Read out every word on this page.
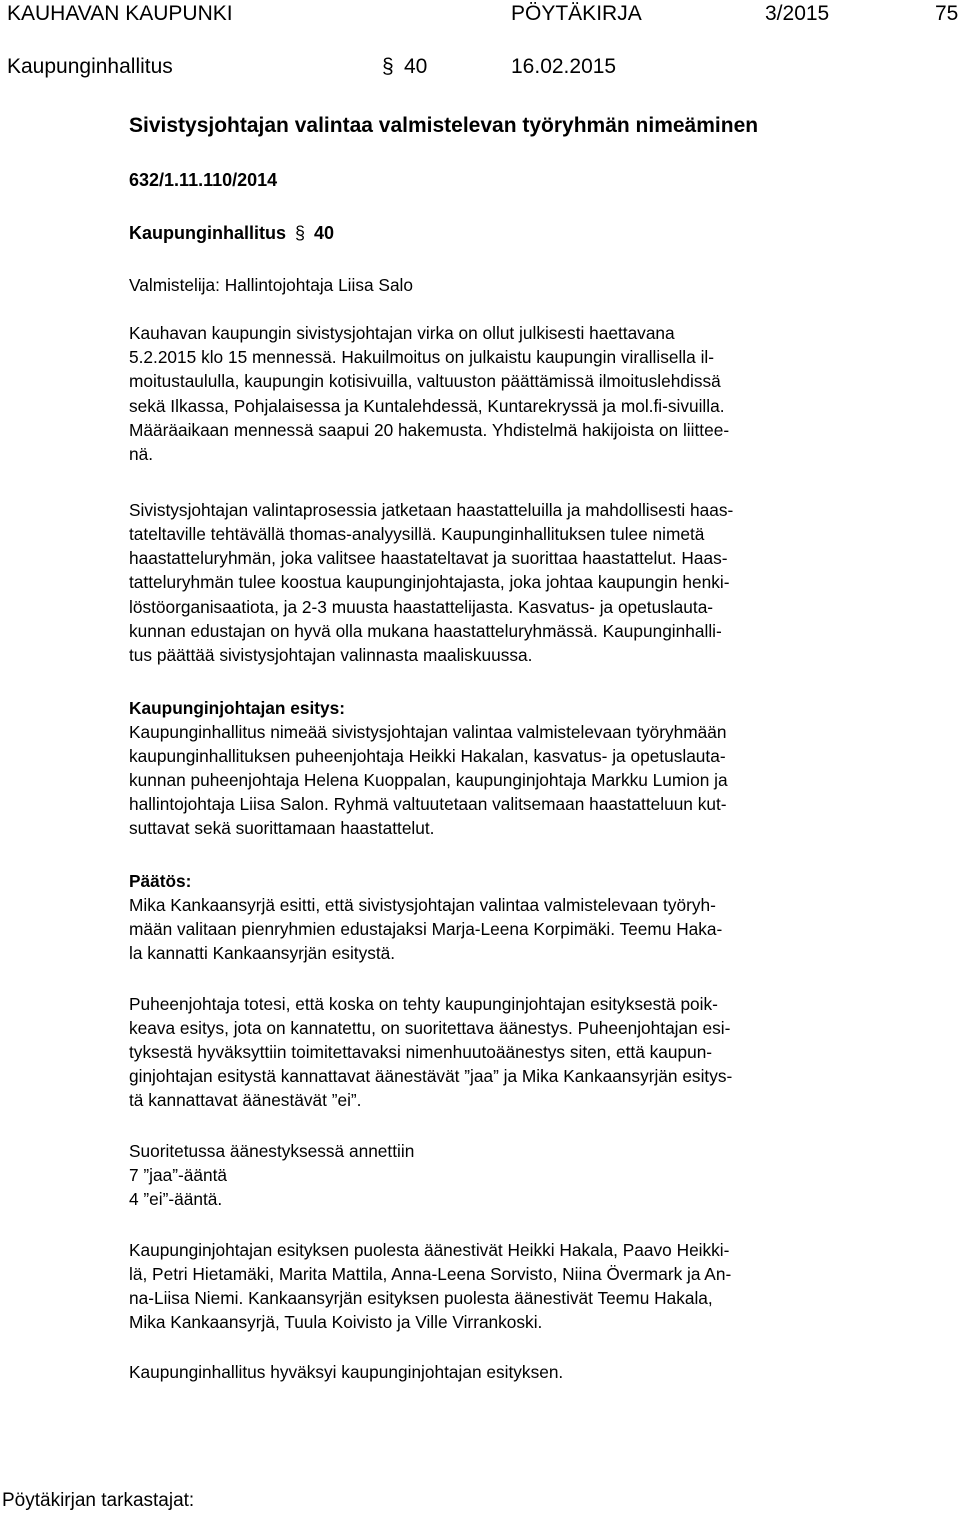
KAUHAVAN KAUPUNKI	PÖYTÄKIRJA	3/2015	75
Kaupunginhallitus	§ 40	16.02.2015
Sivistysjohtajan valintaa valmistelevan työryhmän nimeäminen
632/1.11.110/2014
Kaupunginhallitus § 40
Valmistelija: Hallintojohtaja Liisa Salo
Kauhavan kaupungin sivistysjohtajan virka on ollut julkisesti haettavana
5.2.2015 klo 15 mennessä. Hakuilmoitus on julkaistu kaupungin virallisella il-
moitustaululla, kaupungin kotisivuilla, valtuuston päättämissä ilmoituslehdissä
sekä Ilkassa, Pohjalaisessa ja Kuntalehdessä, Kuntarekryssä ja mol.fi-sivuilla.
Määräaikaan mennessä saapui 20 hakemusta. Yhdistelmä hakijoista on liittee-
nä.
Sivistysjohtajan valintaprosessia jatketaan haastatteluilla ja mahdollisesti haas-
tateltaville tehtävällä thomas-analyysillä. Kaupunginhallituksen tulee nimetä
haastatteluryhmän, joka valitsee haastateltavat ja suorittaa haastattelut. Haas-
tatteluryhmän tulee koostua kaupunginjohtajasta, joka johtaa kaupungin henki-
löstöorganisaatiota, ja 2-3 muusta haastattelijasta. Kasvatus- ja opetuslauta-
kunnan edustajan on hyvä olla mukana haastatteluryhmässä. Kaupunginhalli-
tus päättää sivistysjohtajan valinnasta maaliskuussa.
Kaupunginjohtajan esitys:
Kaupunginhallitus nimeää sivistysjohtajan valintaa valmistelevaan työryhmään
kaupunginhallituksen puheenjohtaja Heikki Hakalan, kasvatus- ja opetuslauta-
kunnan puheenjohtaja Helena Kuoppalan, kaupunginjohtaja Markku Lumion ja
hallintojohtaja Liisa Salon. Ryhmä valtuutetaan valitsemaan haastatteluun kut-
suttavat sekä suorittamaan haastattelut.
Päätös:
Mika Kankaansyrjä esitti, että sivistysjohtajan valintaa valmistelevaan työryh-
mään valitaan pienryhmien edustajaksi Marja-Leena Korpimäki. Teemu Haka-
la kannatti Kankaansyrjän esitystä.
Puheenjohtaja totesi, että koska on tehty kaupunginjohtajan esityksestä poik-
keava esitys, jota on kannatettu, on suoritettava äänestys. Puheenjohtajan esi-
tyksestä hyväksyttiin toimitettavaksi nimenhuutoäänestys siten, että kaupun-
ginjohtajan esitystä kannattavat äänestävät ”jaa” ja Mika Kankaansyrjän esitys-
tä kannattavat äänestävät ”ei”.
Suoritetussa äänestyksessä annettiin
7 ”jaa”-ääntä
4 ”ei”-ääntä.
Kaupunginjohtajan esityksen puolesta äänestivät Heikki Hakala, Paavo Heikki-
lä, Petri Hietamäki, Marita Mattila, Anna-Leena Sorvisto, Niina Övermark ja An-
na-Liisa Niemi. Kankaansyrjän esityksen puolesta äänestivät Teemu Hakala,
Mika Kankaansyrjä, Tuula Koivisto ja Ville Virrankoski.
Kaupunginhallitus hyväksyi kaupunginjohtajan esityksen.
Pöytäkirjan tarkastajat:
